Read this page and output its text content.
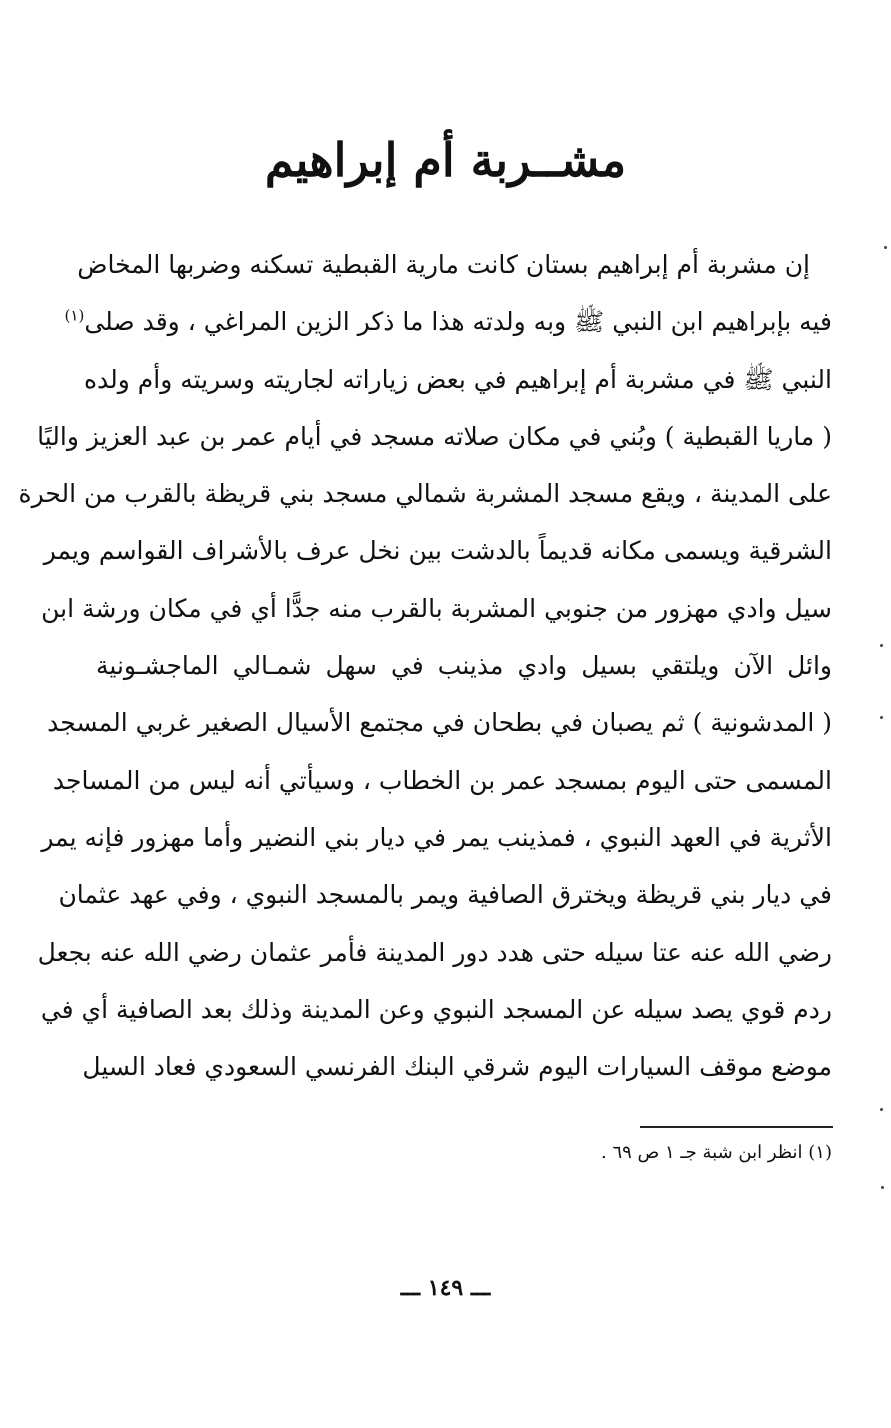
مشــربة أم إبراهيم
إن مشربة أم إبراهيم بستان كانت مارية القبطية تسكنه وضربها المخاض
فيه بإبراهيم ابن النبي ﷺ وبه ولدته هذا ما ذكر الزين المراغي ، وقد صلى$^{(١)}$
النبي ﷺ في مشربة أم إبراهيم في بعض زياراته لجاريته وسريته وأم ولده
( ماريا القبطية ) وبُني في مكان صلاته مسجد في أيام عمر بن عبد العزيز واليًا
على المدينة ، ويقع مسجد المشربة شمالي مسجد بني قريظة بالقرب من الحرة
الشرقية ويسمى مكانه قديماً بالدشت بين نخل عرف بالأشراف القواسم ويمر
سيل وادي مهزور من جنوبي المشربة بالقرب منه جدًّا أي في مكان ورشة ابن
وائل الآن ويلتقي بسيل وادي مذينب في سهل شمـالي الماجشـونية
( المدشونية ) ثم يصبان في بطحان في مجتمع الأسيال الصغير غربي المسجد
المسمى حتى اليوم بمسجد عمر بن الخطاب ، وسيأتي أنه ليس من المساجد
الأثرية في العهد النبوي ، فمذينب يمر في ديار بني النضير وأما مهزور فإنه يمر
في ديار بني قريظة ويخترق الصافية ويمر بالمسجد النبوي ، وفي عهد عثمان
رضي الله عنه عتا سيله حتى هدد دور المدينة فأمر عثمان رضي الله عنه بجعل
ردم قوي يصد سيله عن المسجد النبوي وعن المدينة وذلك بعد الصافية أي في
موضع موقف السيارات اليوم شرقي البنك الفرنسي السعودي فعاد السيل
(١) انظر ابن شبة جـ ١ ص ٦٩ .
ـــ ١٤٩ ـــ
